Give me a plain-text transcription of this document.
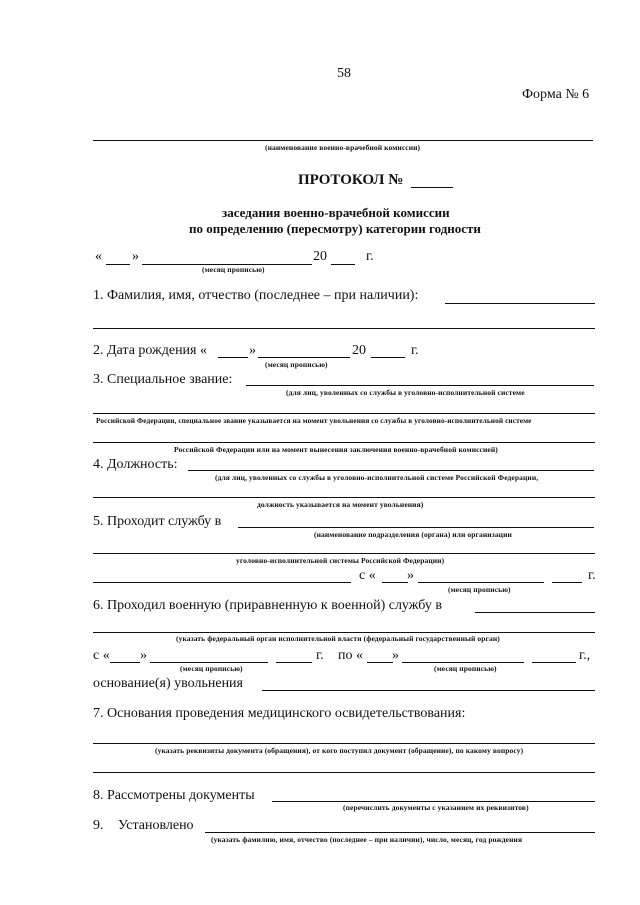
58
Форма № 6
(наименование военно-врачебной комиссии)
ПРОТОКОЛ №
заседания военно-врачебной комиссии
по определению (пересмотру) категории годности
« »	20	г.
(месяц прописью)
1. Фамилия, имя, отчество (последнее – при наличии):
2. Дата рождения «	»	20	г.
(месяц прописью)
3. Специальное звание:
(для лиц, уволенных со службы в уголовно-исполнительной системе
Российской Федерации, специальное звание указывается на момент увольнения со службы в уголовно-исполнительной системе
Российской Федерации или на момент вынесения заключения военно-врачебной комиссией)
4. Должность:
(для лиц, уволенных со службы в уголовно-исполнительной системе Российской Федерации,
должность указывается на момент увольнения)
5. Проходит службу в
(наименование подразделения (органа) или организации
уголовно-исполнительной системы Российской Федерации)
с « »	г.
(месяц прописью)
6. Проходил военную (приравненную к военной) службу в
(указать федеральный орган исполнительной власти (федеральный государственный орган)
с « »	г. по « »	г.,
(месяц прописью)	(месяц прописью)
основание(я) увольнения
7. Основания проведения медицинского освидетельствования:
(указать реквизиты документа (обращения), от кого поступил документ (обращение), по какому вопросу)
8. Рассмотрены документы
(перечислить документы с указанием их реквизитов)
9. Установлено
(указать фамилию, имя, отчество (последнее – при наличии), число, месяц, год рождения
